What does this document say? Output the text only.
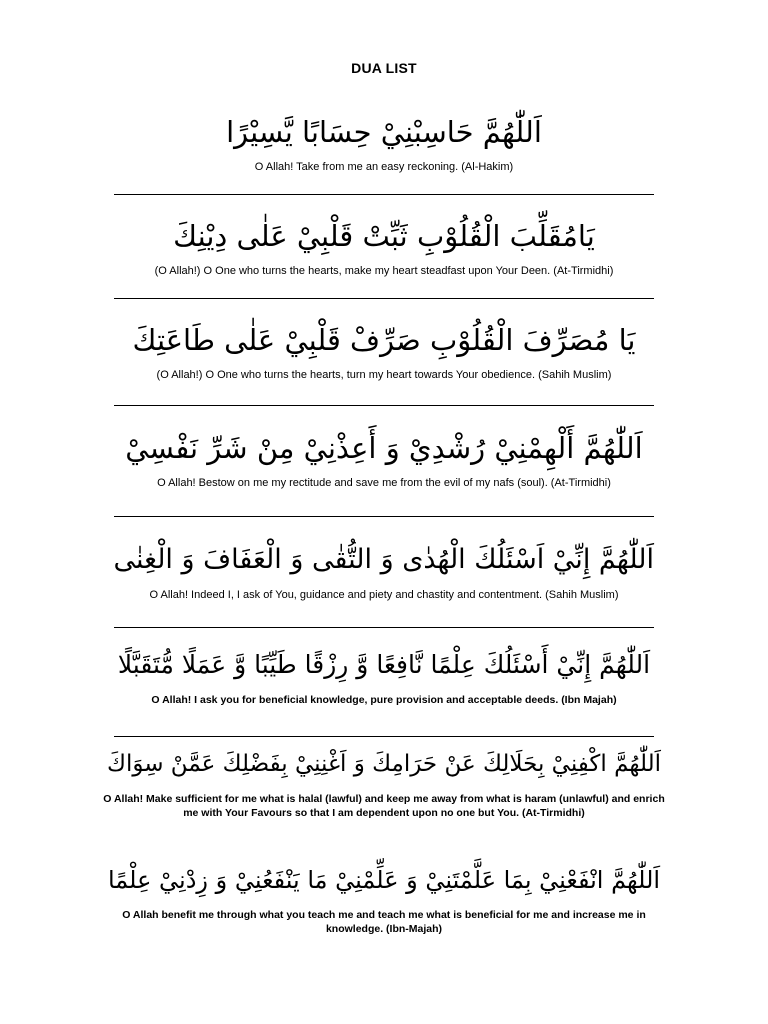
DUA LIST
اَللّٰهُمَّ حَاسِبْنِيْ حِسَابًا يَّسِيْرًا
O Allah! Take from me an easy reckoning. (Al-Hakim)
يَامُقَلِّبَ الْقُلُوْبِ ثَبِّتْ قَلْبِيْ عَلٰى دِيْنِكَ
(O Allah!) O One who turns the hearts, make my heart steadfast upon Your Deen. (At-Tirmidhi)
يَا مُصَرِّفَ الْقُلُوْبِ صَرِّفْ قَلْبِيْ عَلٰى طَاعَتِكَ
(O Allah!) O One who turns the hearts, turn my heart towards Your obedience. (Sahih Muslim)
اَللّٰهُمَّ أَلْهِمْنِيْ رُشْدِيْ وَ أَعِذْنِيْ مِنْ شَرِّ نَفْسِيْ
O Allah! Bestow on me my rectitude and save me from the evil of my nafs (soul). (At-Tirmidhi)
اَللّٰهُمَّ إِنِّيْ اَسْئَلُكَ الْهُدٰى وَ التُّقٰى وَ الْعَفَافَ وَ الْغِنٰى
O Allah! Indeed I, I ask of You, guidance and piety and chastity and contentment. (Sahih Muslim)
اَللّٰهُمَّ إِنِّيْ أَسْئَلُكَ عِلْمًا نَّافِعًا وَّ رِزْقًا طَيِّبًا وَّ عَمَلًا مُّتَقَبَّلًا
O Allah! I ask you for beneficial knowledge, pure provision and acceptable deeds. (Ibn Majah)
اَللّٰهُمَّ اكْفِنِيْ بِحَلَالِكَ عَنْ حَرَامِكَ وَ اَغْنِنِيْ بِفَضْلِكَ عَمَّنْ سِوَاكَ
O Allah! Make sufficient for me what is halal (lawful) and keep me away from what is haram (unlawful) and enrich me with Your Favours so that I am dependent upon no one but You. (At-Tirmidhi)
اَللّٰهُمَّ انْفَعْنِيْ بِمَا عَلَّمْتَنِيْ وَ عَلِّمْنِيْ مَا يَنْفَعُنِيْ وَ زِدْنِيْ عِلْمًا
O Allah benefit me through what you teach me and teach me what is beneficial for me and increase me in knowledge. (Ibn-Majah)
